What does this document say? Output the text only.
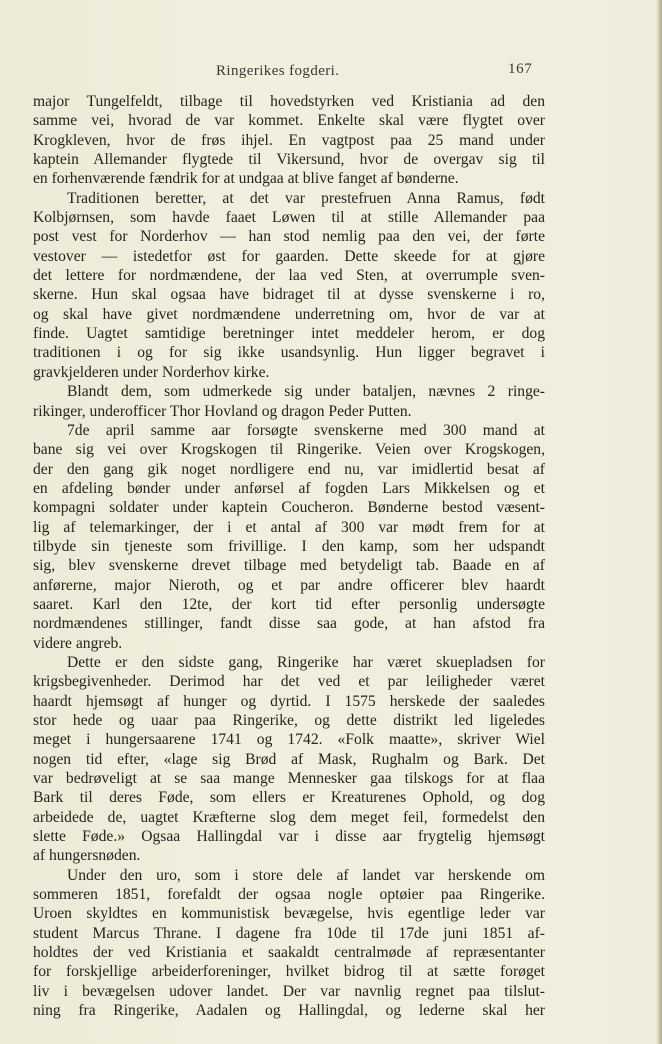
Ringerikes fogderi.	167
major Tungelfeldt, tilbage til hovedstyrken ved Kristiania ad den
samme vei, hvorad de var kommet. Enkelte skal være flygtet over
Krogkleven, hvor de frøs ihjel. En vagtpost paa 25 mand under
kaptein Allemander flygtede til Vikersund, hvor de overgav sig til
en forhenværende fændrik for at undgaa at blive fanget af bønderne.
Traditionen beretter, at det var prestefruen Anna Ramus, født
Kolbjørnsen, som havde faaet Løwen til at stille Allemander paa
post vest for Norderhov — han stod nemlig paa den vei, der førte
vestover — istedetfor øst for gaarden. Dette skeede for at gjøre
det lettere for nordmændene, der laa ved Sten, at overrumple sven-
skerne. Hun skal ogsaa have bidraget til at dysse svenskerne i ro,
og skal have givet nordmændene underretning om, hvor de var at
finde. Uagtet samtidige beretninger intet meddeler herom, er dog
traditionen i og for sig ikke usandsynlig. Hun ligger begravet i
gravkjelderen under Norderhov kirke.
Blandt dem, som udmerkede sig under bataljen, nævnes 2 ringe-
rikinger, underofficer Thor Hovland og dragon Peder Putten.
7de april samme aar forsøgte svenskerne med 300 mand at
bane sig vei over Krogskogen til Ringerike. Veien over Krogskogen,
der den gang gik noget nordligere end nu, var imidlertid besat af
en afdeling bønder under anførsel af fogden Lars Mikkelsen og et
kompagni soldater under kaptein Coucheron. Bønderne bestod væsent-
lig af telemarkinger, der i et antal af 300 var mødt frem for at
tilbyde sin tjeneste som frivillige. I den kamp, som her udspandt
sig, blev svenskerne drevet tilbage med betydeligt tab. Baade en af
anførerne, major Nieroth, og et par andre officerer blev haardt
saaret. Karl den 12te, der kort tid efter personlig undersøgte
nordmændenes stillinger, fandt disse saa gode, at han afstod fra
videre angreb.
Dette er den sidste gang, Ringerike har været skuepladsen for
krigsbegivenheder. Derimod har det ved et par leiligheder været
haardt hjemsøgt af hunger og dyrtid. I 1575 herskede der saaledes
stor hede og uaar paa Ringerike, og dette distrikt led ligeledes
meget i hungersaarene 1741 og 1742. «Folk maatte», skriver Wiel
nogen tid efter, «lage sig Brød af Mask, Rughalm og Bark. Det
var bedrøveligt at se saa mange Mennesker gaa tilskogs for at flaa
Bark til deres Føde, som ellers er Kreaturenes Ophold, og dog
arbeidede de, uagtet Kræfterne slog dem meget feil, formedelst den
slette Føde.» Ogsaa Hallingdal var i disse aar frygtelig hjemsøgt
af hungersnøden.
Under den uro, som i store dele af landet var herskende om
sommeren 1851, forefaldt der ogsaa nogle optøier paa Ringerike.
Uroen skyldtes en kommunistisk bevægelse, hvis egentlige leder var
student Marcus Thrane. I dagene fra 10de til 17de juni 1851 af-
holdtes der ved Kristiania et saakaldt centralmøde af repræsentanter
for forskjellige arbeiderforeninger, hvilket bidrog til at sætte forøget
liv i bevægelsen udover landet. Der var navnlig regnet paa tilslut-
ning fra Ringerike, Aadalen og Hallingdal, og lederne skal her
